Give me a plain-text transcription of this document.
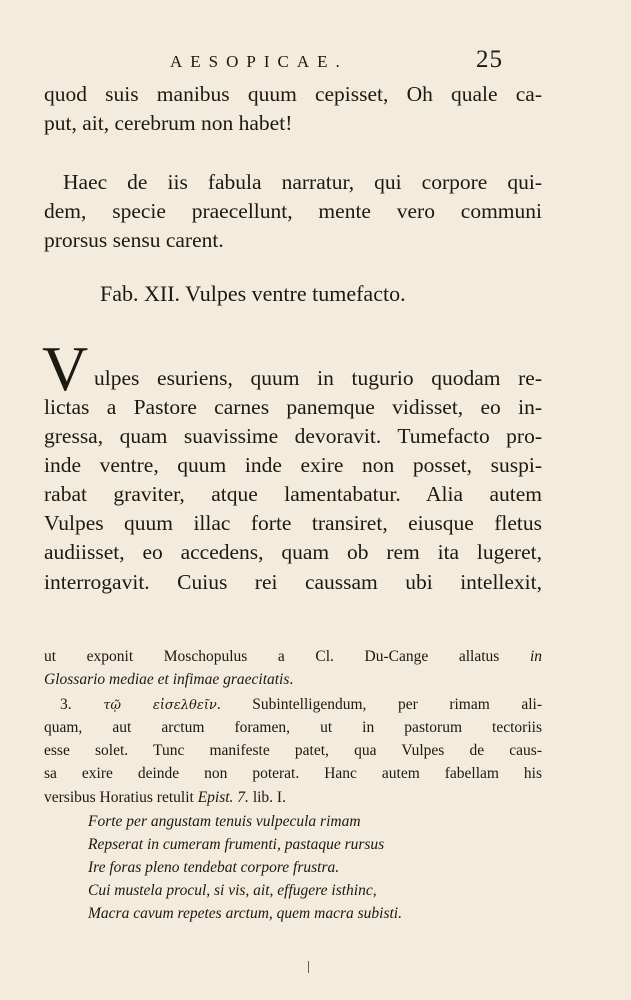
AESOPICAE.	25
quod suis manibus quum cepisset, Oh quale ca-
put, ait, cerebrum non habet!
Haec de iis fabula narratur, qui corpore qui-
dem, specie praecellunt, mente vero communi
prorsus sensu carent.
Fab. XII. Vulpes ventre tumefacto.
V ulpes esuriens, quum in tugurio quodam re-
lictas a Pastore carnes panemque vidisset, eo in-
gressa, quam suavissime devoravit. Tumefacto pro-
inde ventre, quum inde exire non posset, suspi-
rabat graviter, atque lamentabatur. Alia autem
Vulpes quum illac forte transiret, eiusque fletus
audiisset, eo accedens, quam ob rem ita lugeret,
interrogavit. Cuius rei caussam ubi intellexit,
ut exponit Moschopulus a Cl. Du-Cange allatus in
Glossario mediae et infimae graecitatis.
3. τῷ εἰσελθεῖν. Subintelligendum, per rimam ali-
quam, aut arctum foramen, ut in pastorum tectoriis
esse solet. Tunc manifeste patet, qua Vulpes de caus-
sa exire deinde non poterat. Hanc autem fabellam his
versibus Horatius retulit Epist. 7. lib. I.
Forte per angustam tenuis vulpecula rimam
Repserat in cumeram frumenti, pastaque rursus
Ire foras pleno tendebat corpore frustra.
Cui mustela procul, si vis, ait, effugere isthinc,
Macra cavum repetes arctum, quem macra subisti.
